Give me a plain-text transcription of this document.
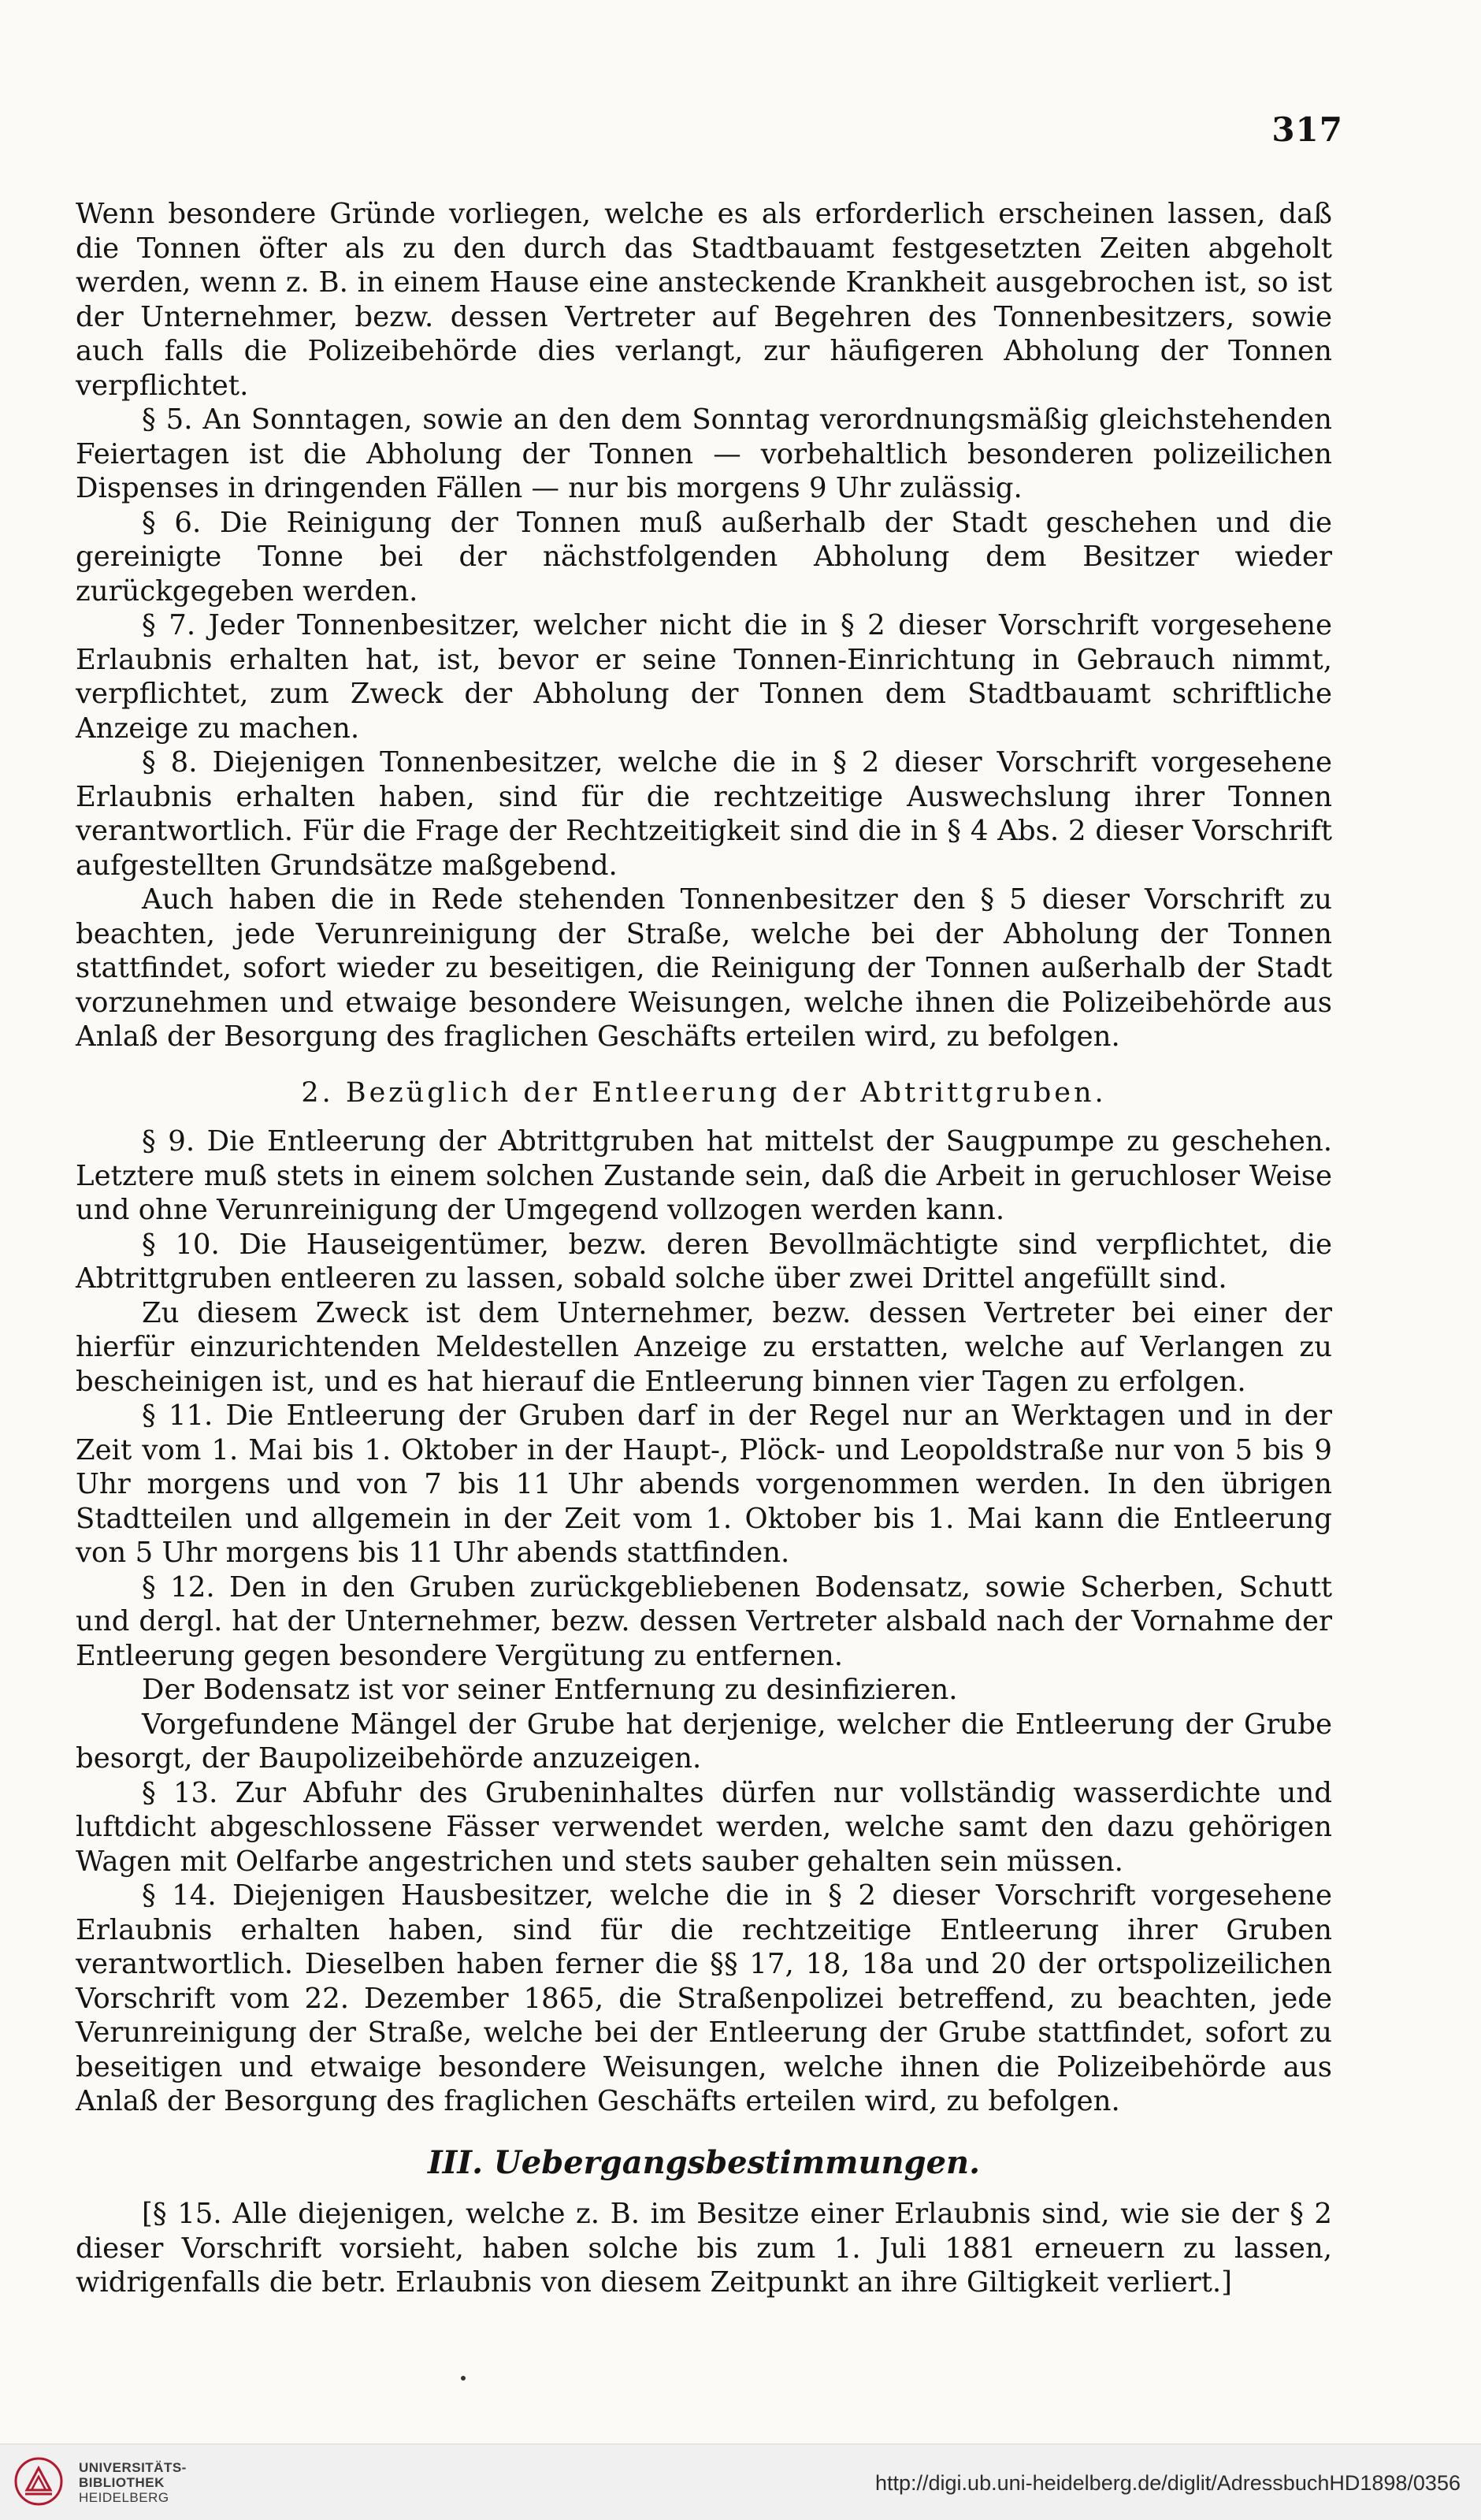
317

Wenn besondere Gründe vorliegen, welche es als erforderlich erscheinen lassen, daß die Tonnen öfter als zu den durch das Stadtbauamt festgesetzten Zeiten abgeholt werden, wenn z. B. in einem Hause eine ansteckende Krankheit ausgebrochen ist, so ist der Unternehmer, bezw. dessen Vertreter auf Begehren des Tonnenbesitzers, sowie auch falls die Polizeibehörde dies verlangt, zur häufigeren Abholung der Tonnen verpflichtet.

§ 5. An Sonntagen, sowie an den dem Sonntag verordnungsmäßig gleichstehenden Feiertagen ist die Abholung der Tonnen — vorbehaltlich besonderen polizeilichen Dispenses in dringenden Fällen — nur bis morgens 9 Uhr zulässig.

§ 6. Die Reinigung der Tonnen muß außerhalb der Stadt geschehen und die gereinigte Tonne bei der nächstfolgenden Abholung dem Besitzer wieder zurückgegeben werden.

§ 7. Jeder Tonnenbesitzer, welcher nicht die in § 2 dieser Vorschrift vorgesehene Erlaubnis erhalten hat, ist, bevor er seine Tonnen-Einrichtung in Gebrauch nimmt, verpflichtet, zum Zweck der Abholung der Tonnen dem Stadtbauamt schriftliche Anzeige zu machen.

§ 8. Diejenigen Tonnenbesitzer, welche die in § 2 dieser Vorschrift vorgesehene Erlaubnis erhalten haben, sind für die rechtzeitige Auswechslung ihrer Tonnen verantwortlich. Für die Frage der Rechtzeitigkeit sind die in § 4 Abs. 2 dieser Vorschrift aufgestellten Grundsätze maßgebend.

Auch haben die in Rede stehenden Tonnenbesitzer den § 5 dieser Vorschrift zu beachten, jede Verunreinigung der Straße, welche bei der Abholung der Tonnen stattfindet, sofort wieder zu beseitigen, die Reinigung der Tonnen außerhalb der Stadt vorzunehmen und etwaige besondere Weisungen, welche ihnen die Polizeibehörde aus Anlaß der Besorgung des fraglichen Geschäfts erteilen wird, zu befolgen.

2. Bezüglich der Entleerung der Abtrittgruben.

§ 9. Die Entleerung der Abtrittgruben hat mittelst der Saugpumpe zu geschehen. Letztere muß stets in einem solchen Zustande sein, daß die Arbeit in geruchloser Weise und ohne Verunreinigung der Umgegend vollzogen werden kann.

§ 10. Die Hauseigentümer, bezw. deren Bevollmächtigte sind verpflichtet, die Abtrittgruben entleeren zu lassen, sobald solche über zwei Drittel angefüllt sind.

Zu diesem Zweck ist dem Unternehmer, bezw. dessen Vertreter bei einer der hierfür einzurichtenden Meldestellen Anzeige zu erstatten, welche auf Verlangen zu bescheinigen ist, und es hat hierauf die Entleerung binnen vier Tagen zu erfolgen.

§ 11. Die Entleerung der Gruben darf in der Regel nur an Werktagen und in der Zeit vom 1. Mai bis 1. Oktober in der Haupt-, Plöck- und Leopoldstraße nur von 5 bis 9 Uhr morgens und von 7 bis 11 Uhr abends vorgenommen werden. In den übrigen Stadtteilen und allgemein in der Zeit vom 1. Oktober bis 1. Mai kann die Entleerung von 5 Uhr morgens bis 11 Uhr abends stattfinden.

§ 12. Den in den Gruben zurückgebliebenen Bodensatz, sowie Scherben, Schutt und dergl. hat der Unternehmer, bezw. dessen Vertreter alsbald nach der Vornahme der Entleerung gegen besondere Vergütung zu entfernen.

Der Bodensatz ist vor seiner Entfernung zu desinfizieren.

Vorgefundene Mängel der Grube hat derjenige, welcher die Entleerung der Grube besorgt, der Baupolizeibehörde anzuzeigen.

§ 13. Zur Abfuhr des Grubeninhaltes dürfen nur vollständig wasserdichte und luftdicht abgeschlossene Fässer verwendet werden, welche samt den dazu gehörigen Wagen mit Oelfarbe angestrichen und stets sauber gehalten sein müssen.

§ 14. Diejenigen Hausbesitzer, welche die in § 2 dieser Vorschrift vorgesehene Erlaubnis erhalten haben, sind für die rechtzeitige Entleerung ihrer Gruben verantwortlich. Dieselben haben ferner die §§ 17, 18, 18a und 20 der ortspolizeilichen Vorschrift vom 22. Dezember 1865, die Straßenpolizei betreffend, zu beachten, jede Verunreinigung der Straße, welche bei der Entleerung der Grube stattfindet, sofort zu beseitigen und etwaige besondere Weisungen, welche ihnen die Polizeibehörde aus Anlaß der Besorgung des fraglichen Geschäfts erteilen wird, zu befolgen.

III. Uebergangsbestimmungen.

[§ 15. Alle diejenigen, welche z. B. im Besitze einer Erlaubnis sind, wie sie der § 2 dieser Vorschrift vorsieht, haben solche bis zum 1. Juli 1881 erneuern zu lassen, widrigenfalls die betr. Erlaubnis von diesem Zeitpunkt an ihre Giltigkeit verliert.]

UNIVERSITÄTS-
BIBLIOTHEK
HEIDELBERG
http://digi.ub.uni-heidelberg.de/diglit/AdressbuchHD1898/0356
